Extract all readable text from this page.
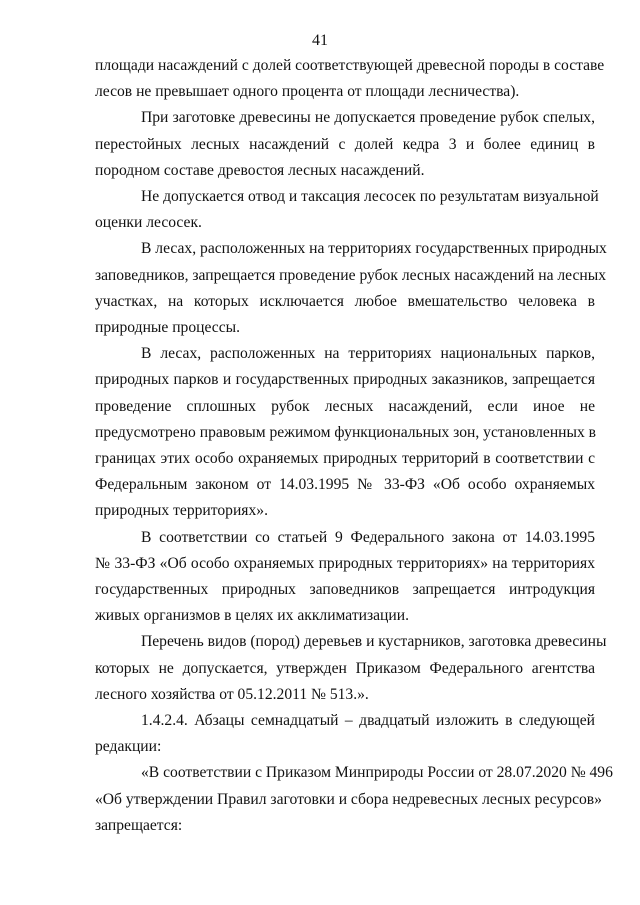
41

площади насаждений с долей соответствующей древесной породы в составе
лесов не превышает одного процента от площади лесничества).

При заготовке древесины не допускается проведение рубок спелых,
перестойных лесных насаждений с долей кедра 3 и более единиц в
породном составе древостоя лесных насаждений.

Не допускается отвод и таксация лесосек по результатам визуальной
оценки лесосек.

В лесах, расположенных на территориях государственных природных
заповедников, запрещается проведение рубок лесных насаждений на лесных
участках, на которых исключается любое вмешательство человека в
природные процессы.

В лесах, расположенных на территориях национальных парков,
природных парков и государственных природных заказников, запрещается
проведение сплошных рубок лесных насаждений, если иное не
предусмотрено правовым режимом функциональных зон, установленных в
границах этих особо охраняемых природных территорий в соответствии с
Федеральным законом от 14.03.1995 № 33-ФЗ «Об особо охраняемых
природных территориях».

В соответствии со статьей 9 Федерального закона от 14.03.1995
№ 33-ФЗ «Об особо охраняемых природных территориях» на территориях
государственных природных заповедников запрещается интродукция
живых организмов в целях их акклиматизации.

Перечень видов (пород) деревьев и кустарников, заготовка древесины
которых не допускается, утвержден Приказом Федерального агентства
лесного хозяйства от 05.12.2011 № 513.».

1.4.2.4. Абзацы семнадцатый – двадцатый изложить в следующей
редакции:

«В соответствии с Приказом Минприроды России от 28.07.2020 № 496
«Об утверждении Правил заготовки и сбора недревесных лесных ресурсов»
запрещается:
